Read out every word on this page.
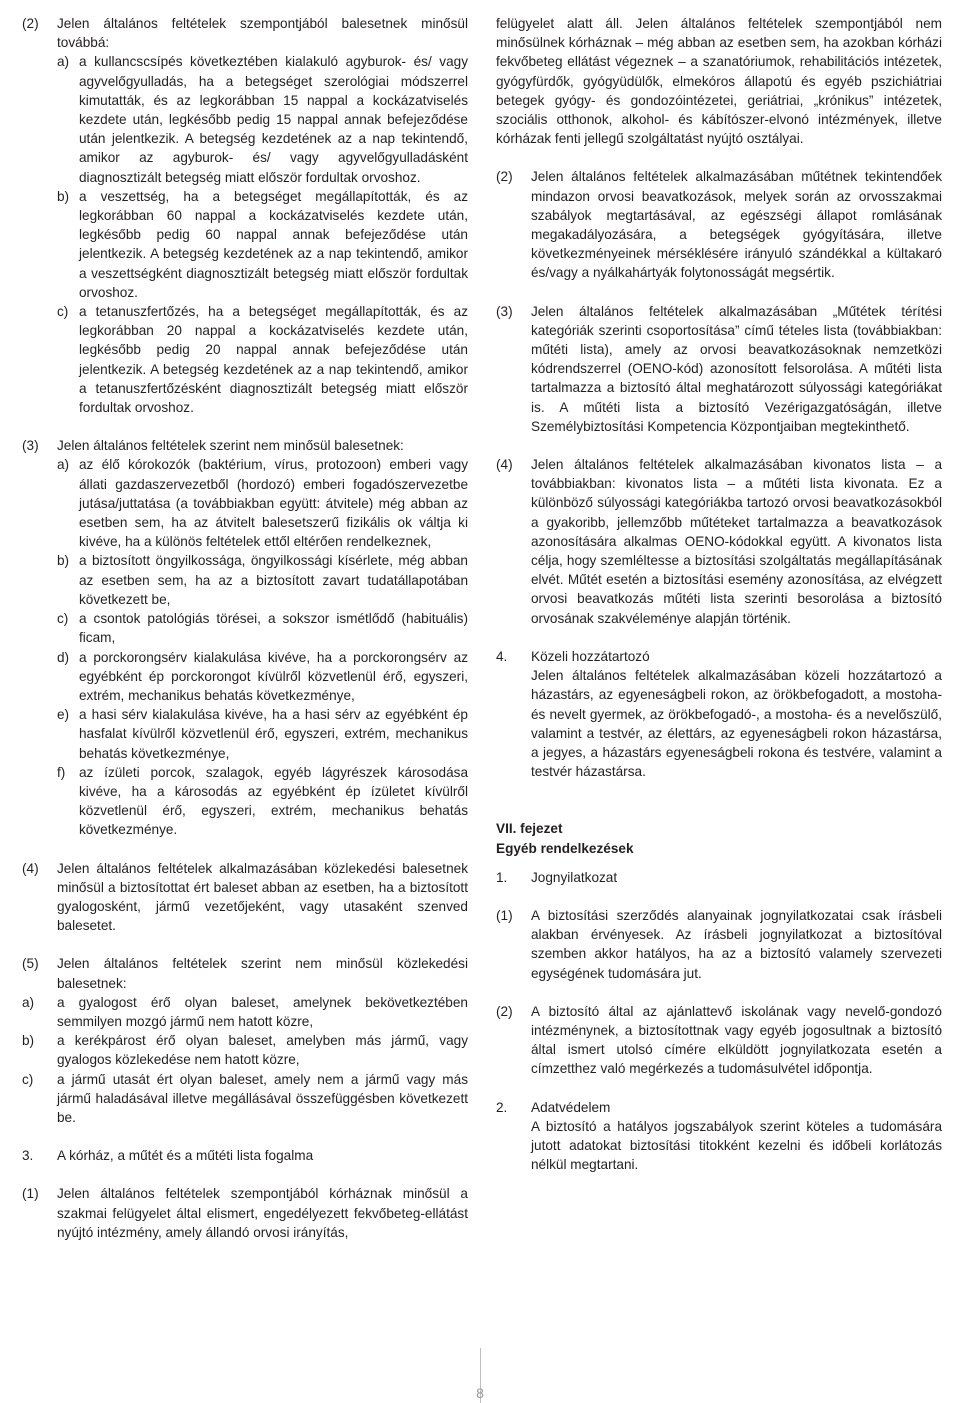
(2)	Jelen általános feltételek szempontjából balesetnek minősül továbbá:
a) a kullancscsípés következtében kialakuló agyburok- és/ vagy agyvelőgyulladás, ha a betegséget szerológiai módszerrel kimutatták, és az legkorábban 15 nappal a kockázatviselés kezdete után, legkésőbb pedig 15 nappal annak befejeződése után jelentkezik. A betegség kezdetének az a nap tekintendő, amikor az agyburok- és/ vagy agyvelőgyulladásként diagnosztizált betegség miatt először fordultak orvoshoz.
b) a veszettség, ha a betegséget megállapították, és az legkorábban 60 nappal a kockázatviselés kezdete után, legkésőbb pedig 60 nappal annak befejeződése után jelentkezik. A betegség kezdetének az a nap tekintendő, amikor a veszettségként diagnosztizált betegség miatt először fordultak orvoshoz.
c) a tetanuszfertőzés, ha a betegséget megállapították, és az legkorábban 20 nappal a kockázatviselés kezdete után, legkésőbb pedig 20 nappal annak befejeződése után jelentkezik. A betegség kezdetének az a nap tekintendő, amikor a tetanuszfertőzésként diagnosztizált betegség miatt először fordultak orvoshoz.
(3)	Jelen általános feltételek szerint nem minősül balesetnek:
a) az élő kórokozók (baktérium, vírus, protozoon) emberi vagy állati gazdaszervezetből (hordozó) emberi fogadószervezetbe jutása/juttatása (a továbbiakban együtt: átvitele) még abban az esetben sem, ha az átvitelt balesetszerű fizikális ok váltja ki kivéve, ha a különös feltételek ettől eltérően rendelkeznek,
b) a biztosított öngyilkossága, öngyilkossági kísérlete, még abban az esetben sem, ha az a biztosított zavart tudatállapotában következett be,
c) a csontok patológiás törései, a sokszor ismétlődő (habituális) ficam,
d) a porckorongsérv kialakulása kivéve, ha a porckorongsérv az egyébként ép porckorongot kívülről közvetlenül érő, egyszeri, extrém, mechanikus behatás következménye,
e) a hasi sérv kialakulása kivéve, ha a hasi sérv az egyébként ép hasfalat kívülről közvetlenül érő, egyszeri, extrém, mechanikus behatás következménye,
f)	az ízületi porcok, szalagok, egyéb lágyrészek károsodása kivéve, ha a károsodás az egyébként ép ízületet kívülről közvetlenül érő, egyszeri, extrém, mechanikus behatás következménye.
(4)	Jelen általános feltételek alkalmazásában közlekedési balesetnek minősül a biztosítottat ért baleset abban az esetben, ha a biztosított gyalogosként, jármű vezetőjeként, vagy utasaként szenved balesetet.
(5)	Jelen általános feltételek szerint nem minősül közlekedési balesetnek:
a)	a gyalogost érő olyan baleset, amelynek bekövetkeztében semmilyen mozgó jármű nem hatott közre,
b)	a kerékpárost érő olyan baleset, amelyben más jármű, vagy gyalogos közlekedése nem hatott közre,
c)	a jármű utasát ért olyan baleset, amely nem a jármű vagy más jármű haladásával illetve megállásával összefüggésben következett be.
3.	A kórház, a műtét és a műtéti lista fogalma
(1)	Jelen általános feltételek szempontjából kórháznak minősül a szakmai felügyelet által elismert, engedélyezett fekvőbeteg-ellátást nyújtó intézmény, amely állandó orvosi irányítás,

felügyelet alatt áll. Jelen általános feltételek szempontjából nem minősülnek kórháznak – még abban az esetben sem, ha azokban kórházi fekvőbeteg ellátást végeznek – a szanatóriumok, rehabilitációs intézetek, gyógyfürdők, gyógyüdülők, elmekóros állapotú és egyéb pszichiátriai betegek gyógy- és gondozóintézetei, geriátriai, „krónikus” intézetek, szociális otthonok, alkohol- és kábítószer-elvonó intézmények, illetve kórházak fenti jellegű szolgáltatást nyújtó osztályai.

(2)	Jelen általános feltételek alkalmazásában műtétnek tekintendőek mindazon orvosi beavatkozások, melyek során az orvosszakmai szabályok megtartásával, az egészségi állapot romlásának megakadályozására, a betegségek gyógyítására, illetve következményeinek mérséklésére irányuló szándékkal a kültakaró és/vagy a nyálkahártyák folytonosságát megsértik.
(3)	Jelen általános feltételek alkalmazásában „Műtétek térítési kategóriák szerinti csoportosítása” című tételes lista (továbbiakban: műtéti lista), amely az orvosi beavatkozásoknak nemzetközi kódrendszerrel (OENO-kód) azonosított felsorolása. A műtéti lista tartalmazza a biztosító által meghatározott súlyossági kategóriákat is. A műtéti lista a biztosító Vezérigazgatóságán, illetve Személybiztosítási Kompetencia Központjaiban megtekinthető.
(4)	Jelen általános feltételek alkalmazásában kivonatos lista – a továbbiakban: kivonatos lista – a műtéti lista kivonata. Ez a különböző súlyossági kategóriákba tartozó orvosi beavatkozásokból a gyakoribb, jellemzőbb műtéteket tartalmazza a beavatkozások azonosítására alkalmas OENO-kódokkal együtt. A kivonatos lista célja, hogy szemléltesse a biztosítási szolgáltatás megállapításának elvét. Műtét esetén a biztosítási esemény azonosítása, az elvégzett orvosi beavatkozás műtéti lista szerinti besorolása a biztosító orvosának szakvéleménye alapján történik.
4.	Közeli hozzátartozó
Jelen általános feltételek alkalmazásában közeli hozzátartozó a házastárs, az egyeneságbeli rokon, az örökbefogadott, a mostoha- és nevelt gyermek, az örökbefogadó-, a mostoha- és a nevelőszülő, valamint a testvér, az élettárs, az egyeneságbeli rokon házastársa, a jegyes, a házastárs egyeneságbeli rokona és testvére, valamint a testvér házastársa.

VII. fejezet

Egyéb rendelkezések

1.	Jognyilatkozat
(1)	A biztosítási szerződés alanyainak jognyilatkozatai csak írásbeli alakban érvényesek. Az írásbeli jognyilatkozat a biztosítóval szemben akkor hatályos, ha az a biztosító valamely szervezeti egységének tudomására jut.
(2)	A biztosító által az ajánlattevő iskolának vagy nevelő-gondozó intézménynek, a biztosítottnak vagy egyéb jogosultnak a biztosító által ismert utolsó címére elküldött jognyilatkozata esetén a címzetthez való megérkezés a tudomásulvétel időpontja.
2.	Adatvédelem
A biztosító a hatályos jogszabályok szerint köteles a tudomására jutott adatokat biztosítási titokként kezelni és időbeli korlátozás nélkül megtartani.
8
